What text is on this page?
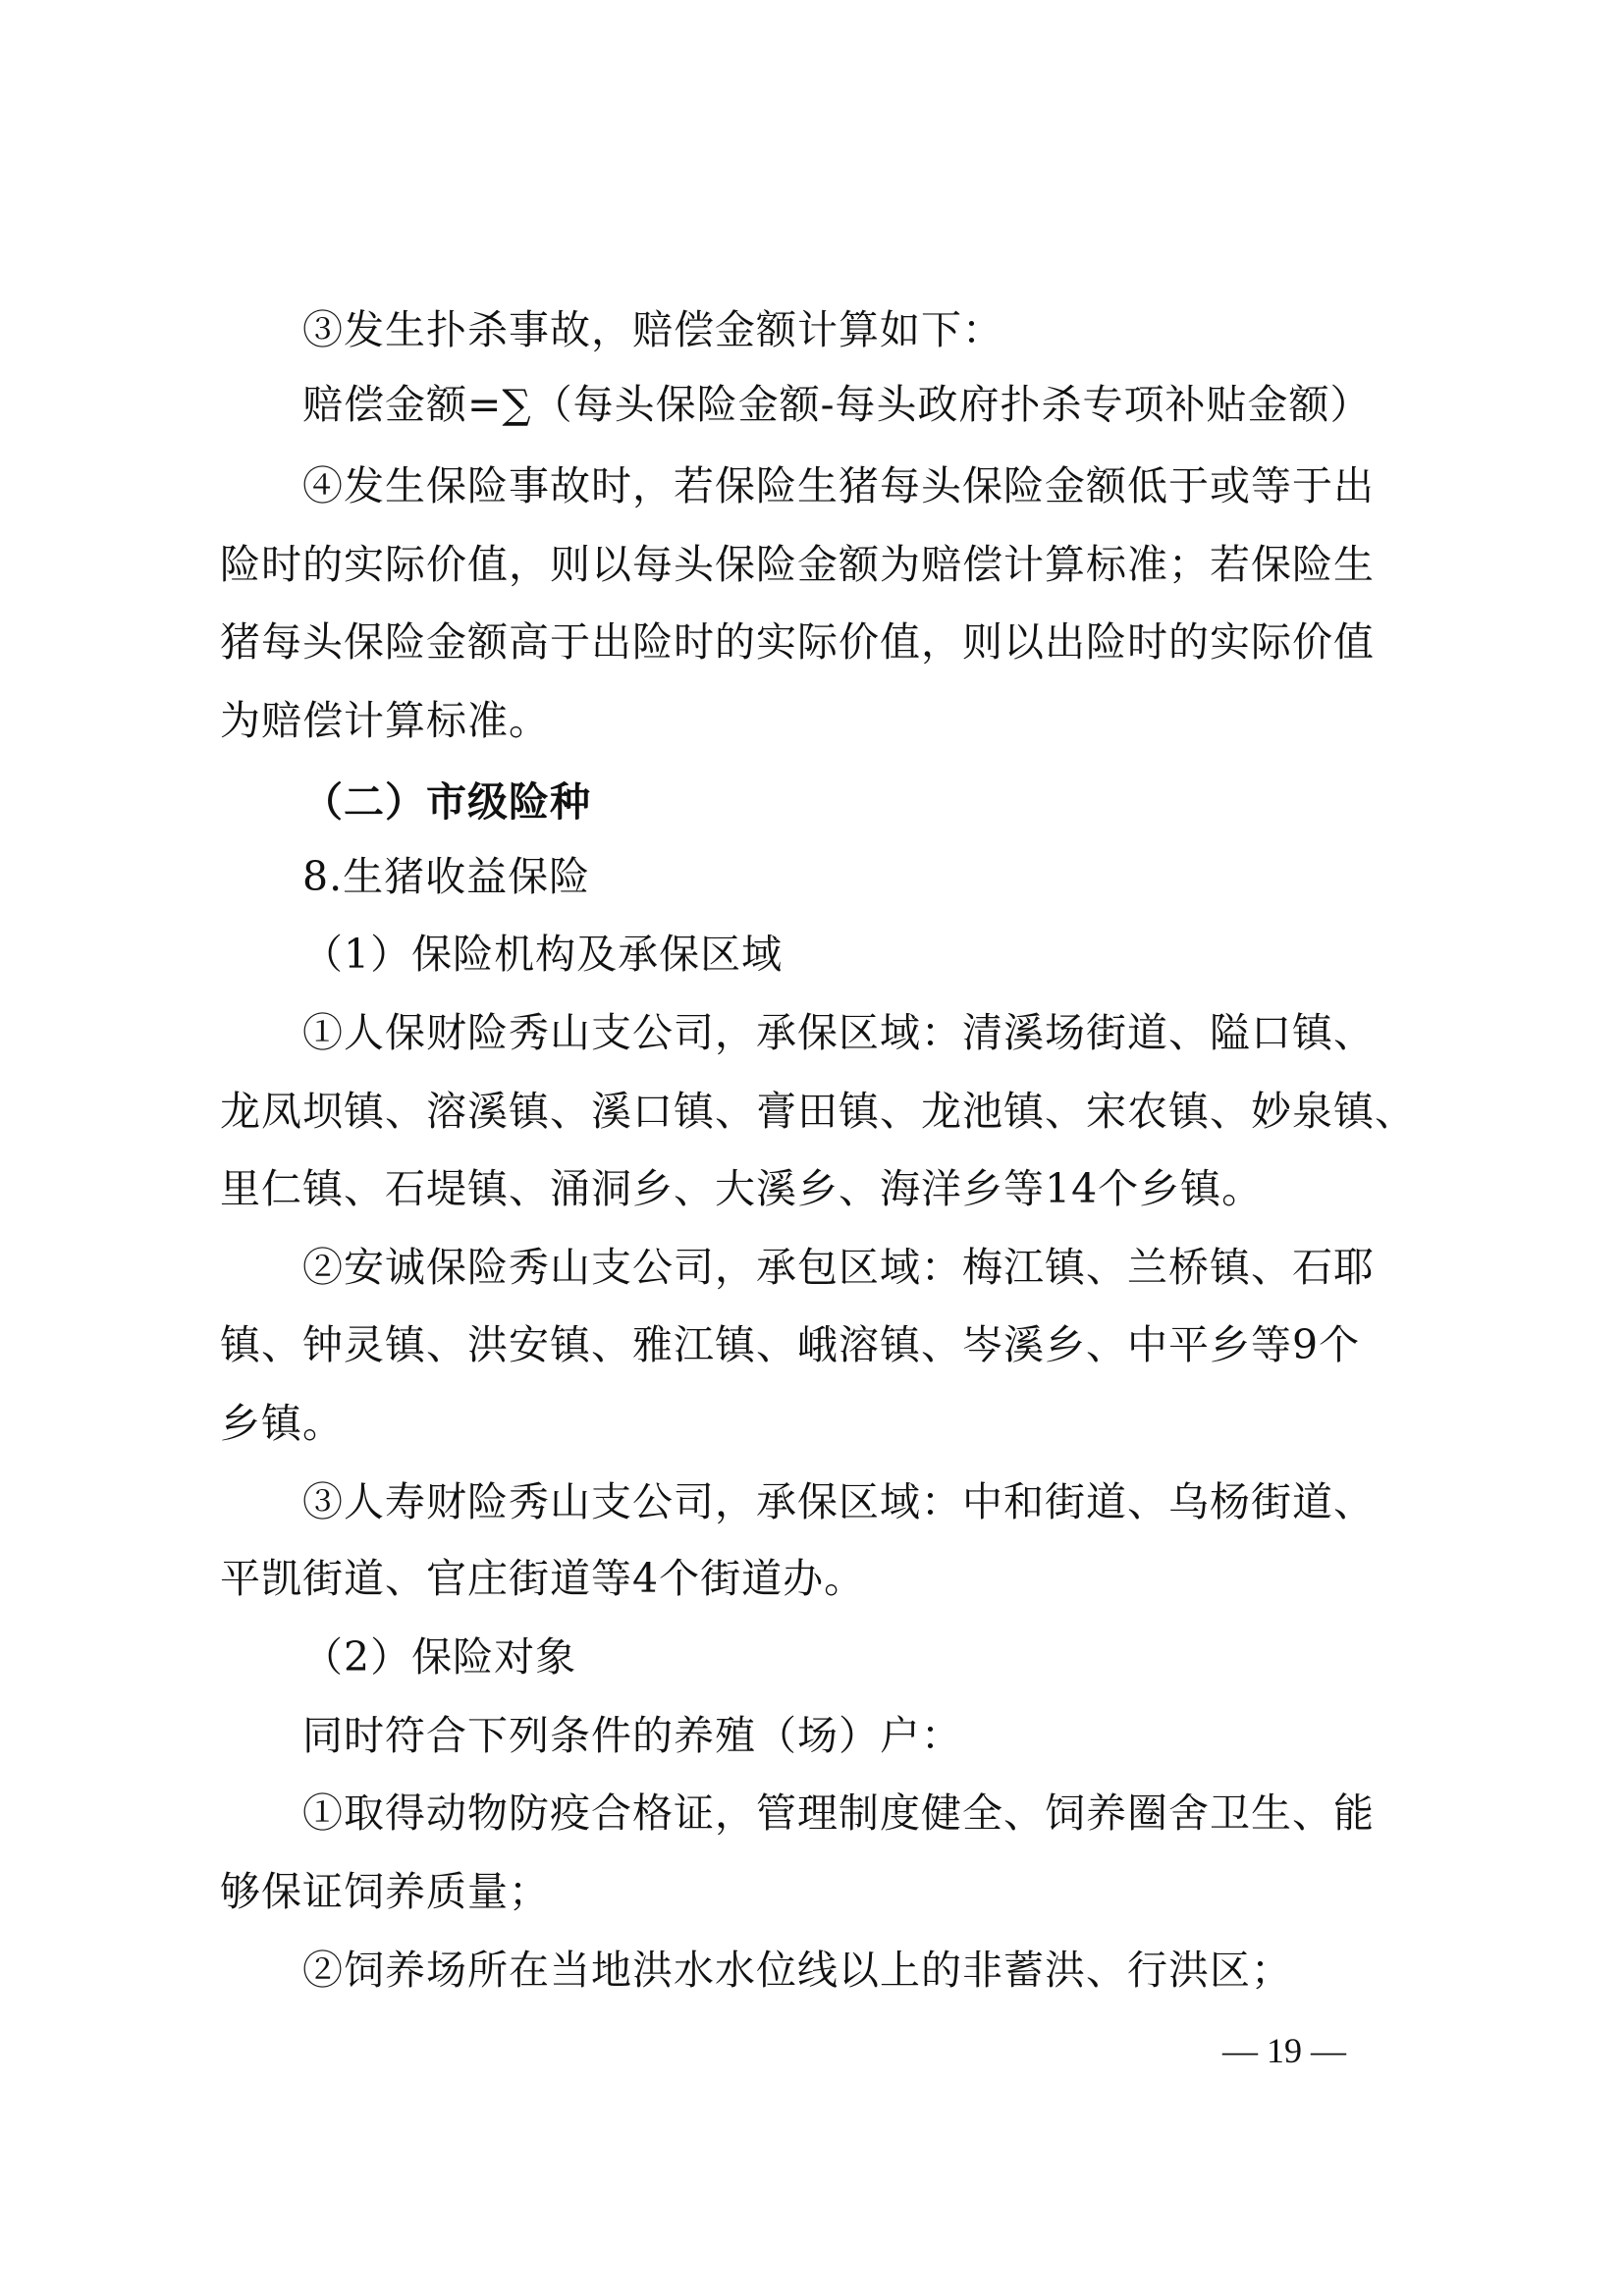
③发生扑杀事故，赔偿金额计算如下：
赔偿金额=∑（每头保险金额-每头政府扑杀专项补贴金额）
④发生保险事故时，若保险生猪每头保险金额低于或等于出
险时的实际价值，则以每头保险金额为赔偿计算标准；若保险生
猪每头保险金额高于出险时的实际价值，则以出险时的实际价值
为赔偿计算标准。
（二）市级险种
8.生猪收益保险
（1）保险机构及承保区域
①人保财险秀山支公司，承保区域：清溪场街道、隘口镇、
龙凤坝镇、溶溪镇、溪口镇、膏田镇、龙池镇、宋农镇、妙泉镇、
里仁镇、石堤镇、涌洞乡、大溪乡、海洋乡等14个乡镇。
②安诚保险秀山支公司，承包区域：梅江镇、兰桥镇、石耶
镇、钟灵镇、洪安镇、雅江镇、峨溶镇、岑溪乡、中平乡等9个
乡镇。
③人寿财险秀山支公司，承保区域：中和街道、乌杨街道、
平凯街道、官庄街道等4个街道办。
（2）保险对象
同时符合下列条件的养殖（场）户：
①取得动物防疫合格证，管理制度健全、饲养圈舍卫生、能
够保证饲养质量；
②饲养场所在当地洪水水位线以上的非蓄洪、行洪区；
— 19 —
